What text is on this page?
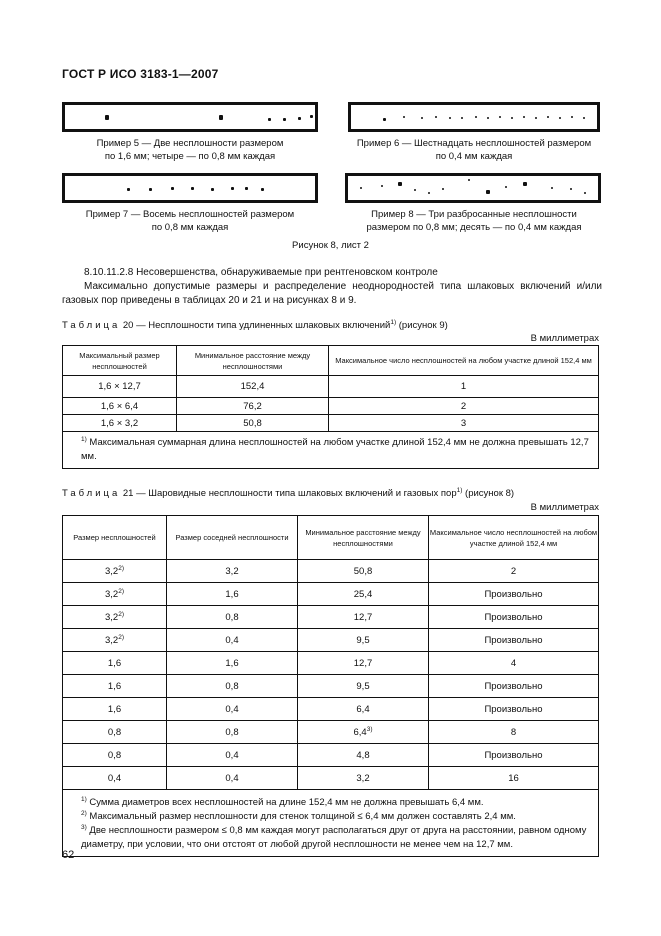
ГОСТ Р ИСО 3183-1—2007
Пример 5 — Две несплошности размером
по 1,6 мм; четыре — по 0,8 мм каждая
Пример 6 — Шестнадцать несплошностей размером
по 0,4 мм каждая
Пример 7 — Восемь несплошностей размером
по 0,8 мм каждая
Пример 8 — Три разбросанные несплошности
размером по 0,8 мм; десять — по 0,4 мм каждая
Рисунок 8, лист 2
8.10.11.2.8 Несовершенства, обнаруживаемые при рентгеновском контроле
Максимально допустимые размеры и распределение неоднородностей типа шлаковых включений и/или газовых пор приведены в таблицах 20 и 21 и на рисунках 8 и 9.
Таблица 20 — Несплошности типа удлиненных шлаковых включений$^{1)}$ (рисунок 9)
В миллиметрах
Максимальный размер несплошностей	Минимальное расстояние между несплошностями	Максимальное число несплошностей на любом участке длиной 152,4 мм
1,6 × 12,7	152,4	1
1,6 × 6,4	76,2	2
1,6 × 3,2	50,8	3
$^{1)}$ Максимальная суммарная длина несплошностей на любом участке длиной 152,4 мм не должна превышать 12,7 мм.		
Таблица 21 — Шаровидные несплошности типа шлаковых включений и газовых пор$^{1)}$ (рисунок 8)
В миллиметрах
Размер несплошностей	Размер соседней несплошности	Минимальное расстояние между несплошностями	Максимальное число несплошностей на любом участке длиной 152,4 мм
3,2$^{2)}$	3,2	50,8	2
3,2$^{2)}$	1,6	25,4	Произвольно
3,2$^{2)}$	0,8	12,7	Произвольно
3,2$^{2)}$	0,4	9,5	Произвольно
1,6	1,6	12,7	4
1,6	0,8	9,5	Произвольно
1,6	0,4	6,4	Произвольно
0,8	0,8	6,4$^{3)}$	8
0,8	0,4	4,8	Произвольно
0,4	0,4	3,2	16

$^{1)}$ Сумма диаметров всех несплошностей на длине 152,4 мм не должна превышать 6,4 мм.
$^{2)}$ Максимальный размер несплошности для стенок толщиной ≤ 6,4 мм должен составлять 2,4 мм.
$^{3)}$ Две несплошности размером ≤ 0,8 мм каждая могут располагаться друг от друга на расстоянии, равном одному диаметру, при условии, что они отстоят от любой другой несплошности не менее чем на 12,7 мм.			
62
